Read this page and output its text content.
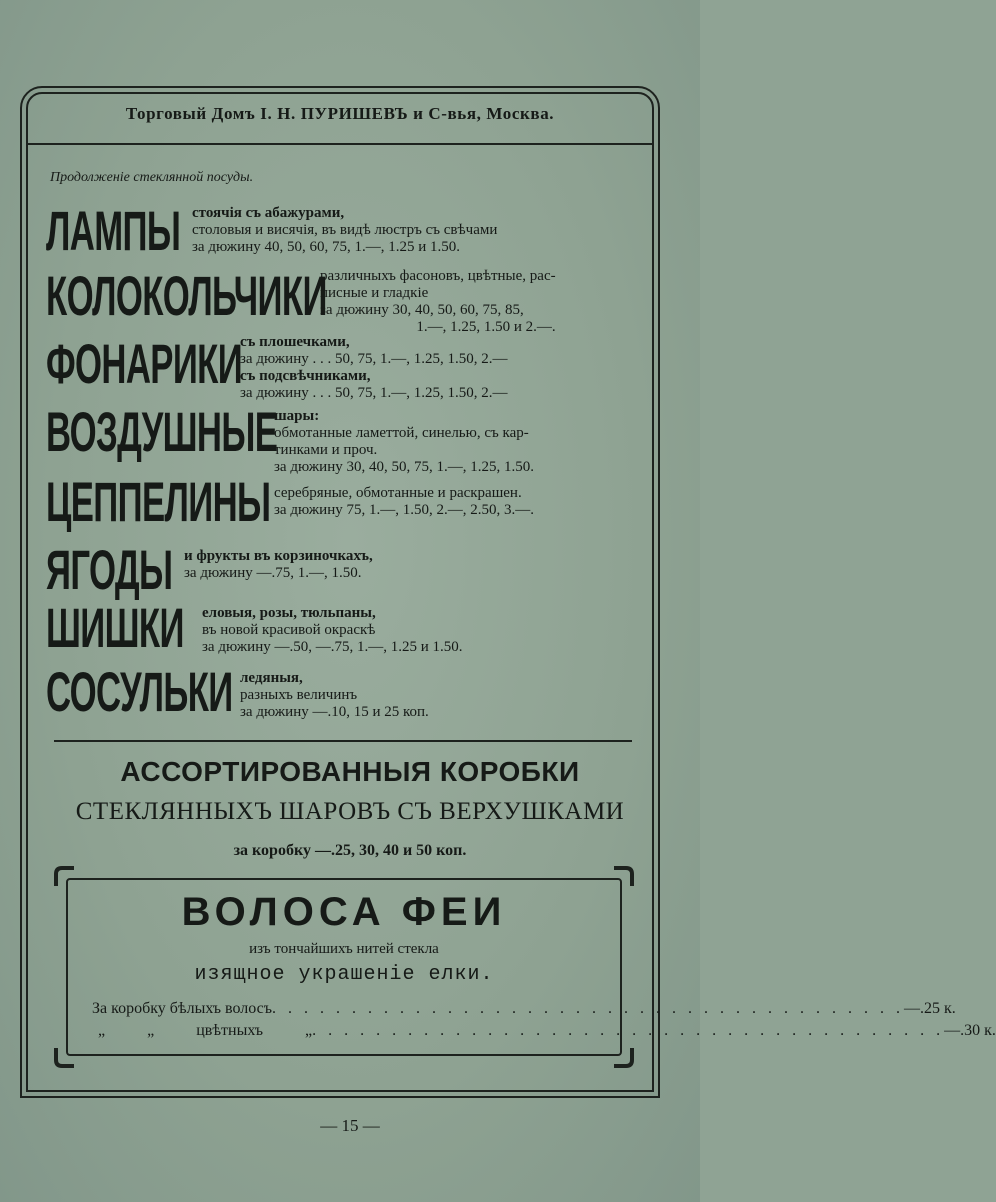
Торговый Домъ I. Н. ПУРИШЕВЪ и С-вья, Москва.
Продолженіе стеклянной посуды.
ЛАМПЫ стоячія съ абажурами,
столовыя и висячія, въ видѣ люстръ съ свѣчами
за дюжину 40, 50, 60, 75, 1.—, 1.25 и 1.50.
КОЛОКОЛЬЧИКИ
различныхъ фасоновъ, цвѣтные, рас-
писные и гладкіе
за дюжину 30, 40, 50, 60, 75, 85,
1.—, 1.25, 1.50 и 2.—.
ФОНАРИКИ
съ плошечками,
за дюжину . . . 50, 75, 1.—, 1.25, 1.50, 2.—
съ подсвѣчниками,
за дюжину . . . 50, 75, 1.—, 1.25, 1.50, 2.—
ВОЗДУШНЫЕ
шары:
обмотанные ламеттой, синелью, съ кар-
тинками и проч.
за дюжину 30, 40, 50, 75, 1.—, 1.25, 1.50.
ЦЕППЕЛИНЫ серебряные, обмотанные и раскрашен.
за дюжину 75, 1.—, 1.50, 2.—, 2.50, 3.—.
ЯГОДЫ и фрукты въ корзиночкахъ,
за дюжину —.75, 1.—, 1.50.
ШИШКИ еловыя, розы, тюльпаны,
въ новой красивой окраскѣ
за дюжину —.50, —.75, 1.—, 1.25 и 1.50.
СОСУЛЬКИ ледяныя,
разныхъ величинъ
за дюжину —.10, 15 и 25 коп.
АССОРТИРОВАННЫЯ КОРОБКИ
СТЕКЛЯННЫХЪ ШАРОВЪ СЪ ВЕРХУШКАМИ
за коробку —.25, 30, 40 и 50 коп.
ВОЛОСА ФЕИ
изъ тончайшихъ нитей стекла
изящное украшеніе елки.
За коробку бѣлыхъ волосъ . . . . . . . . . . . . . . . . . . . . . . . . . . . . . . . . . . . . . . . . —.25 к.
„ „ цвѣтныхъ „ . . . . . . . . . . . . . . . . . . . . . . . . . . . . . . . . . . . . . . . . —.30 к.
— 15 —
